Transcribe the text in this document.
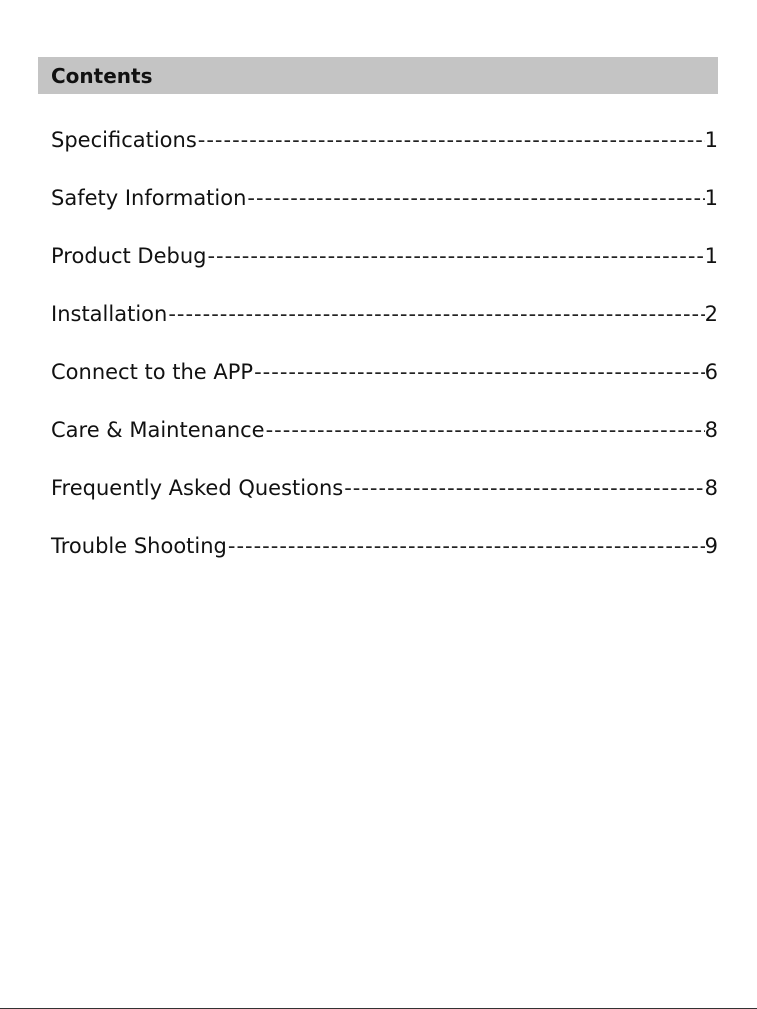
Contents
Specifications -----	1
Safety Information -----	1
Product Debug -----	1
Installation -----	2
Connect to the APP -----	6
Care & Maintenance -----	8
Frequently Asked Questions -----	8
Trouble Shooting -----	9
